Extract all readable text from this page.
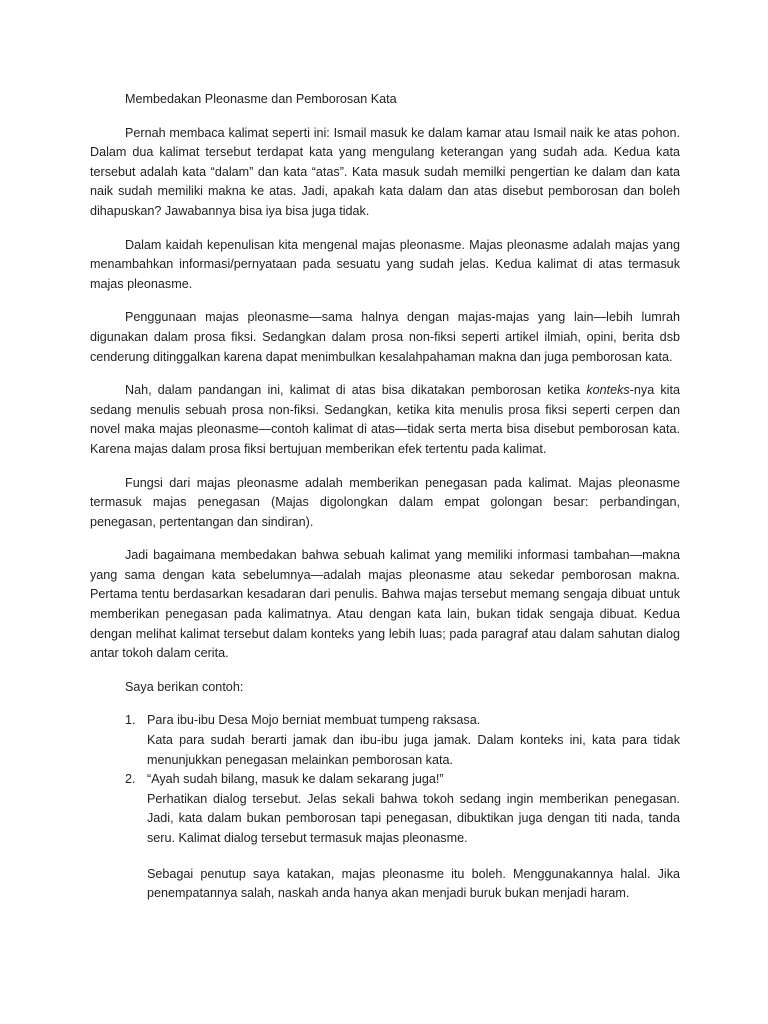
Membedakan Pleonasme dan Pemborosan Kata

Pernah membaca kalimat seperti ini: Ismail masuk ke dalam kamar atau Ismail naik ke atas pohon. Dalam dua kalimat tersebut terdapat kata yang mengulang keterangan yang sudah ada. Kedua kata tersebut adalah kata “dalam” dan kata “atas”. Kata masuk sudah memilki pengertian ke dalam dan kata naik sudah memiliki makna ke atas. Jadi, apakah kata dalam dan atas disebut pemborosan dan boleh dihapuskan? Jawabannya bisa iya bisa juga tidak.

Dalam kaidah kepenulisan kita mengenal majas pleonasme. Majas pleonasme adalah majas yang menambahkan informasi/pernyataan pada sesuatu yang sudah jelas. Kedua kalimat di atas termasuk majas pleonasme.

Penggunaan majas pleonasme—sama halnya dengan majas-majas yang lain—lebih lumrah digunakan dalam prosa fiksi. Sedangkan dalam prosa non-fiksi seperti artikel ilmiah, opini, berita dsb cenderung ditinggalkan karena dapat menimbulkan kesalahpahaman makna dan juga pemborosan kata.

Nah, dalam pandangan ini, kalimat di atas bisa dikatakan pemborosan ketika konteks-nya kita sedang menulis sebuah prosa non-fiksi. Sedangkan, ketika kita menulis prosa fiksi seperti cerpen dan novel maka majas pleonasme—contoh kalimat di atas—tidak serta merta bisa disebut pemborosan kata. Karena majas dalam prosa fiksi bertujuan memberikan efek tertentu pada kalimat.

Fungsi dari majas pleonasme adalah memberikan penegasan pada kalimat. Majas pleonasme termasuk majas penegasan (Majas digolongkan dalam empat golongan besar: perbandingan, penegasan, pertentangan dan sindiran).

Jadi bagaimana membedakan bahwa sebuah kalimat yang memiliki informasi tambahan—makna yang sama dengan kata sebelumnya—adalah majas pleonasme atau sekedar pemborosan makna. Pertama tentu berdasarkan kesadaran dari penulis. Bahwa majas tersebut memang sengaja dibuat untuk memberikan penegasan pada kalimatnya. Atau dengan kata lain, bukan tidak sengaja dibuat. Kedua dengan melihat kalimat tersebut dalam konteks yang lebih luas; pada paragraf atau dalam sahutan dialog antar tokoh dalam cerita.

Saya berikan contoh:

1. Para ibu-ibu Desa Mojo berniat membuat tumpeng raksasa.

Kata para sudah berarti jamak dan ibu-ibu juga jamak. Dalam konteks ini, kata para tidak menunjukkan penegasan melainkan pemborosan kata.

2. “Ayah sudah bilang, masuk ke dalam sekarang juga!”

Perhatikan dialog tersebut. Jelas sekali bahwa tokoh sedang ingin memberikan penegasan. Jadi, kata dalam bukan pemborosan tapi penegasan, dibuktikan juga dengan titi nada, tanda seru. Kalimat dialog tersebut termasuk majas pleonasme.

Sebagai penutup saya katakan, majas pleonasme itu boleh. Menggunakannya halal. Jika penempatannya salah, naskah anda hanya akan menjadi buruk bukan menjadi haram.
